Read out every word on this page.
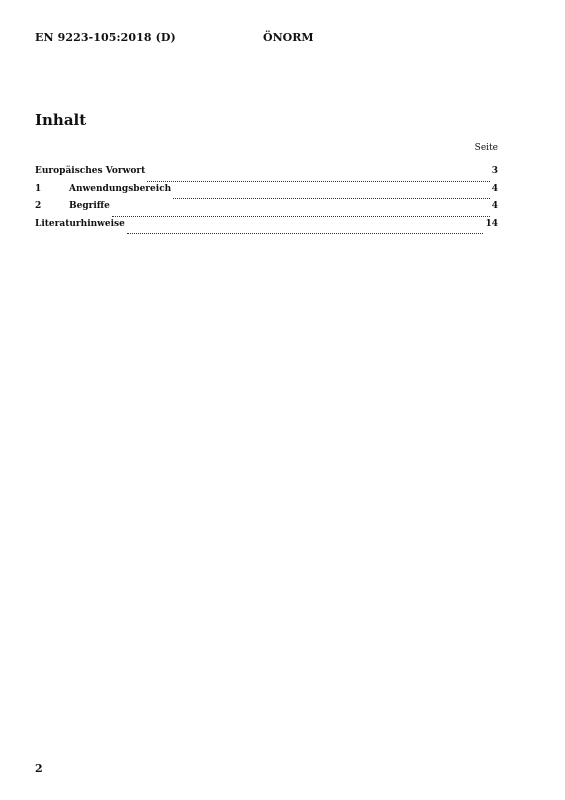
EN 9223-105:2018 (D)	ÖNORM
Inhalt
Seite
Europäisches Vorwort	3
1	Anwendungsbereich	4
2	Begriffe	4
Literaturhinweise	14
2
